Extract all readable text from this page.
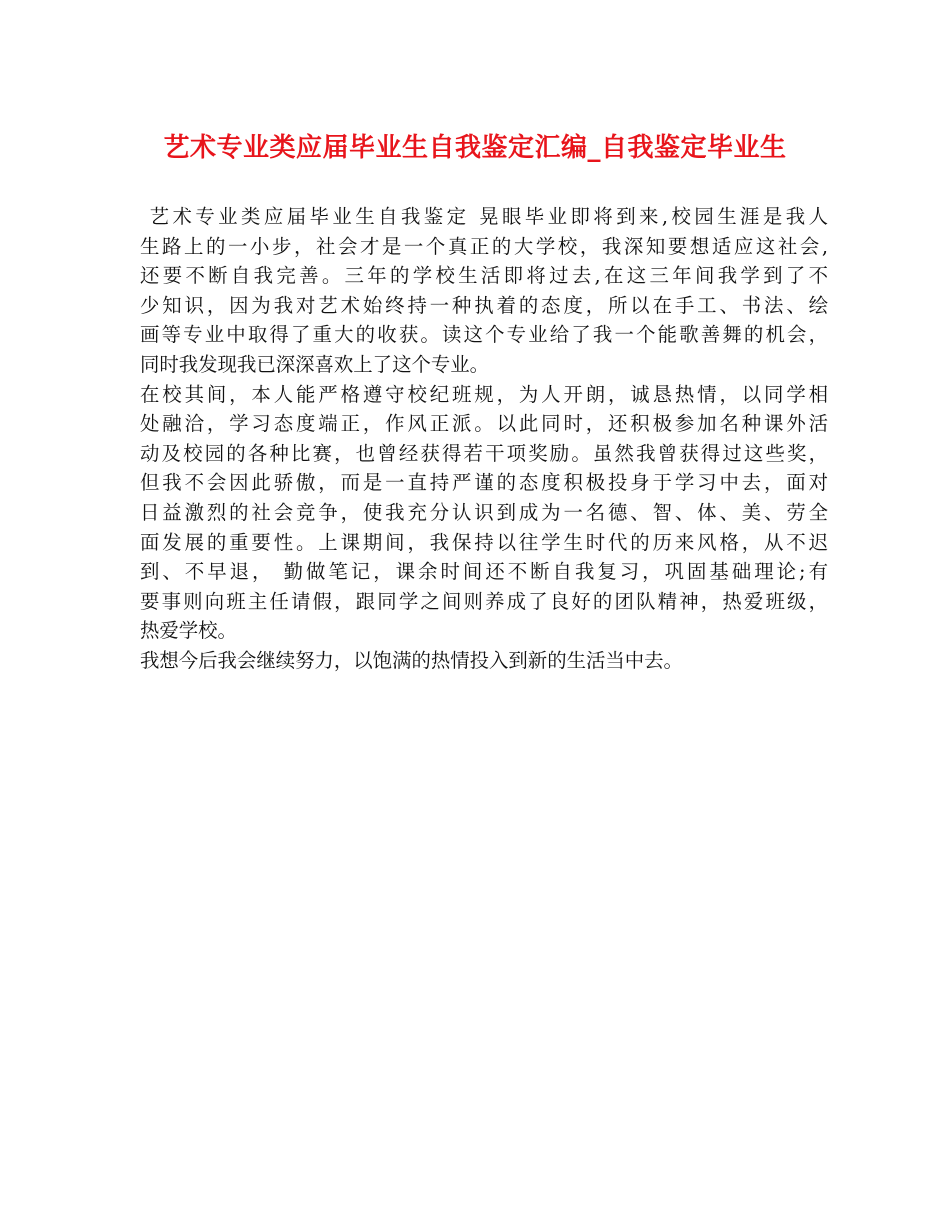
艺术专业类应届毕业生自我鉴定汇编_自我鉴定毕业生
艺术专业类应届毕业生自我鉴定 晃眼毕业即将到来,校园生涯是我人
生路上的一小步，社会才是一个真正的大学校，我深知要想适应这社会,
还要不断自我完善。三年的学校生活即将过去,在这三年间我学到了不
少知识，因为我对艺术始终持一种执着的态度，所以在手工、书法、绘
画等专业中取得了重大的收获。读这个专业给了我一个能歌善舞的机会，
同时我发现我已深深喜欢上了这个专业。
在校其间，本人能严格遵守校纪班规，为人开朗，诚恳热情，以同学相
处融洽，学习态度端正，作风正派。以此同时，还积极参加名种课外活
动及校园的各种比赛，也曾经获得若干项奖励。虽然我曾获得过这些奖，
但我不会因此骄傲，而是一直持严谨的态度积极投身于学习中去，面对
日益激烈的社会竞争，使我充分认识到成为一名德、智、体、美、劳全
面发展的重要性。上课期间，我保持以往学生时代的历来风格，从不迟
到、不早退， 勤做笔记，课余时间还不断自我复习，巩固基础理论;有
要事则向班主任请假，跟同学之间则养成了良好的团队精神，热爱班级，
热爱学校。
我想今后我会继续努力，以饱满的热情投入到新的生活当中去。
